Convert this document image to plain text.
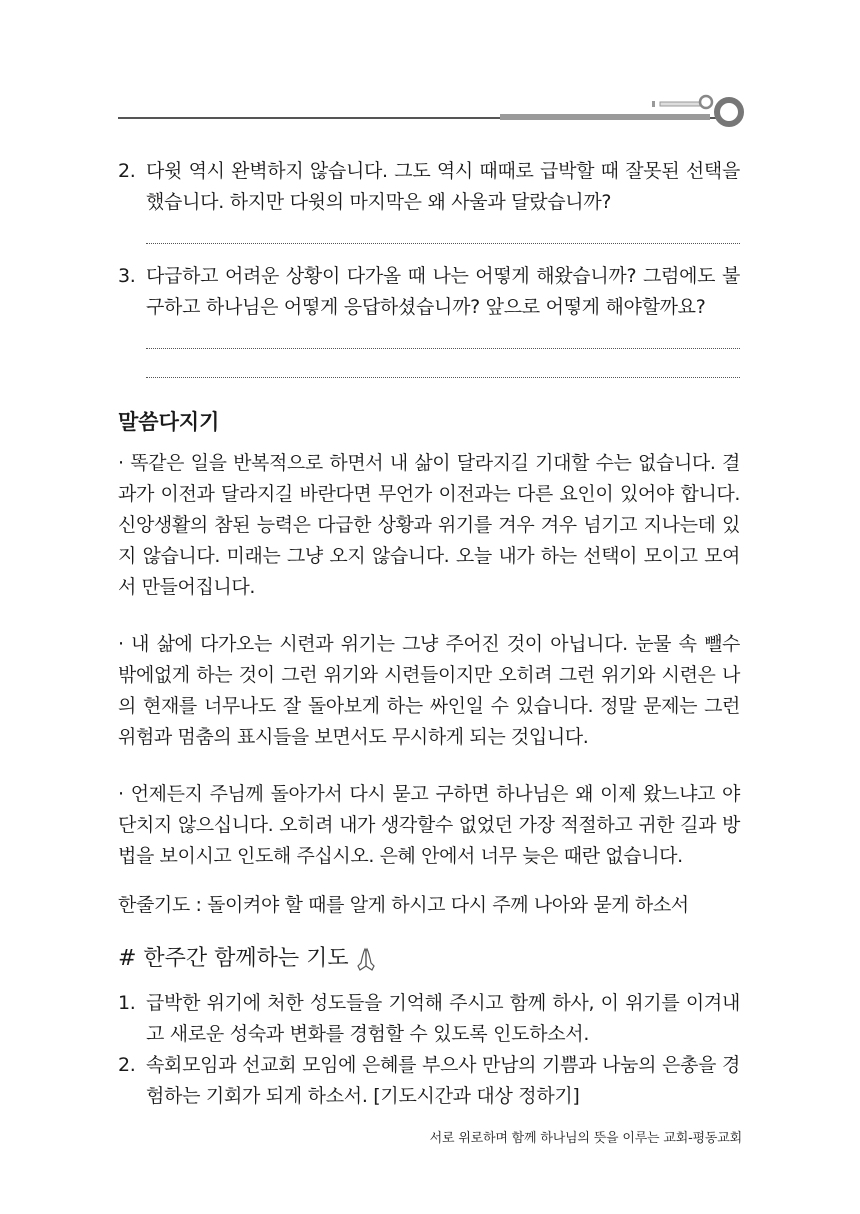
2. 다윗 역시 완벽하지 않습니다. 그도 역시 때때로 급박할 때 잘못된 선택을 했습니다. 하지만 다윗의 마지막은 왜 사울과 달랐습니까?
3. 다급하고 어려운 상황이 다가올 때 나는 어떻게 해왔습니까? 그럼에도 불구하고 하나님은 어떻게 응답하셨습니까? 앞으로 어떻게 해야할까요?
말씀다지기

· 똑같은 일을 반복적으로 하면서 내 삶이 달라지길 기대할 수는 없습니다. 결과가 이전과 달라지길 바란다면 무언가 이전과는 다른 요인이 있어야 합니다. 신앙생활의 참된 능력은 다급한 상황과 위기를 겨우 겨우 넘기고 지나는데 있지 않습니다. 미래는 그냥 오지 않습니다. 오늘 내가 하는 선택이 모이고 모여서 만들어집니다.

· 내 삶에 다가오는 시련과 위기는 그냥 주어진 것이 아닙니다. 눈물 속 뺄수 밖에없게 하는 것이 그런 위기와 시련들이지만 오히려 그런 위기와 시련은 나의 현재를 너무나도 잘 돌아보게 하는 싸인일 수 있습니다. 정말 문제는 그런 위험과 멈춤의 표시들을 보면서도 무시하게 되는 것입니다.

· 언제든지 주님께 돌아가서 다시 묻고 구하면 하나님은 왜 이제 왔느냐고 야단치지 않으십니다. 오히려 내가 생각할수 없었던 가장 적절하고 귀한 길과 방법을 보이시고 인도해 주십시오. 은혜 안에서 너무 늦은 때란 없습니다.

한줄기도 : 돌이켜야 할 때를 알게 하시고 다시 주께 나아와 묻게 하소서

# 한주간 함께하는 기도
1. 급박한 위기에 처한 성도들을 기억해 주시고 함께 하사, 이 위기를 이겨내고 새로운 성숙과 변화를 경험할 수 있도록 인도하소서.
2. 속회모임과 선교회 모임에 은혜를 부으사 만남의 기쁨과 나눔의 은총을 경험하는 기회가 되게 하소서. [기도시간과 대상 정하기]
서로 위로하며 함께 하나님의 뜻을 이루는 교회-평동교회
